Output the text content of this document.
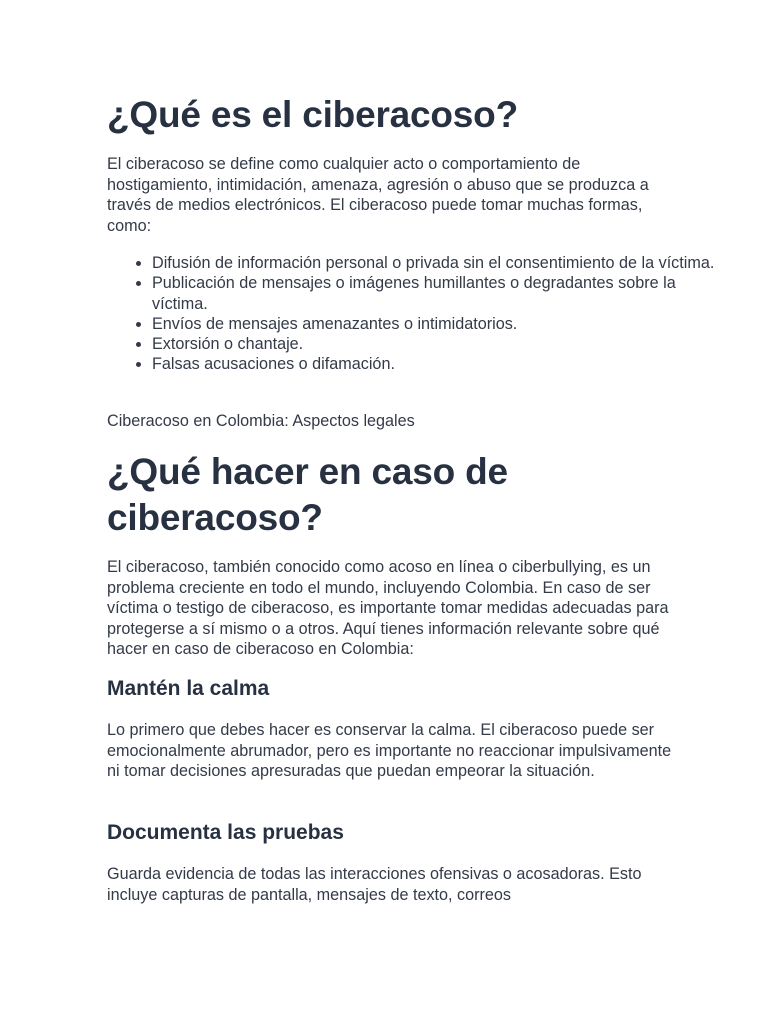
¿Qué es el ciberacoso?

El ciberacoso se define como cualquier acto o comportamiento de hostigamiento, intimidación, amenaza, agresión o abuso que se produzca a través de medios electrónicos. El ciberacoso puede tomar muchas formas, como:

• Difusión de información personal o privada sin el consentimiento de la víctima.
• Publicación de mensajes o imágenes humillantes o degradantes sobre la víctima.
• Envíos de mensajes amenazantes o intimidatorios.
• Extorsión o chantaje.
• Falsas acusaciones o difamación.

Ciberacoso en Colombia: Aspectos legales

¿Qué hacer en caso de ciberacoso?

El ciberacoso, también conocido como acoso en línea o ciberbullying, es un problema creciente en todo el mundo, incluyendo Colombia. En caso de ser víctima o testigo de ciberacoso, es importante tomar medidas adecuadas para protegerse a sí mismo o a otros. Aquí tienes información relevante sobre qué hacer en caso de ciberacoso en Colombia:

Mantén la calma

Lo primero que debes hacer es conservar la calma. El ciberacoso puede ser emocionalmente abrumador, pero es importante no reaccionar impulsivamente ni tomar decisiones apresuradas que puedan empeorar la situación.

Documenta las pruebas

Guarda evidencia de todas las interacciones ofensivas o acosadoras. Esto incluye capturas de pantalla, mensajes de texto, correos
